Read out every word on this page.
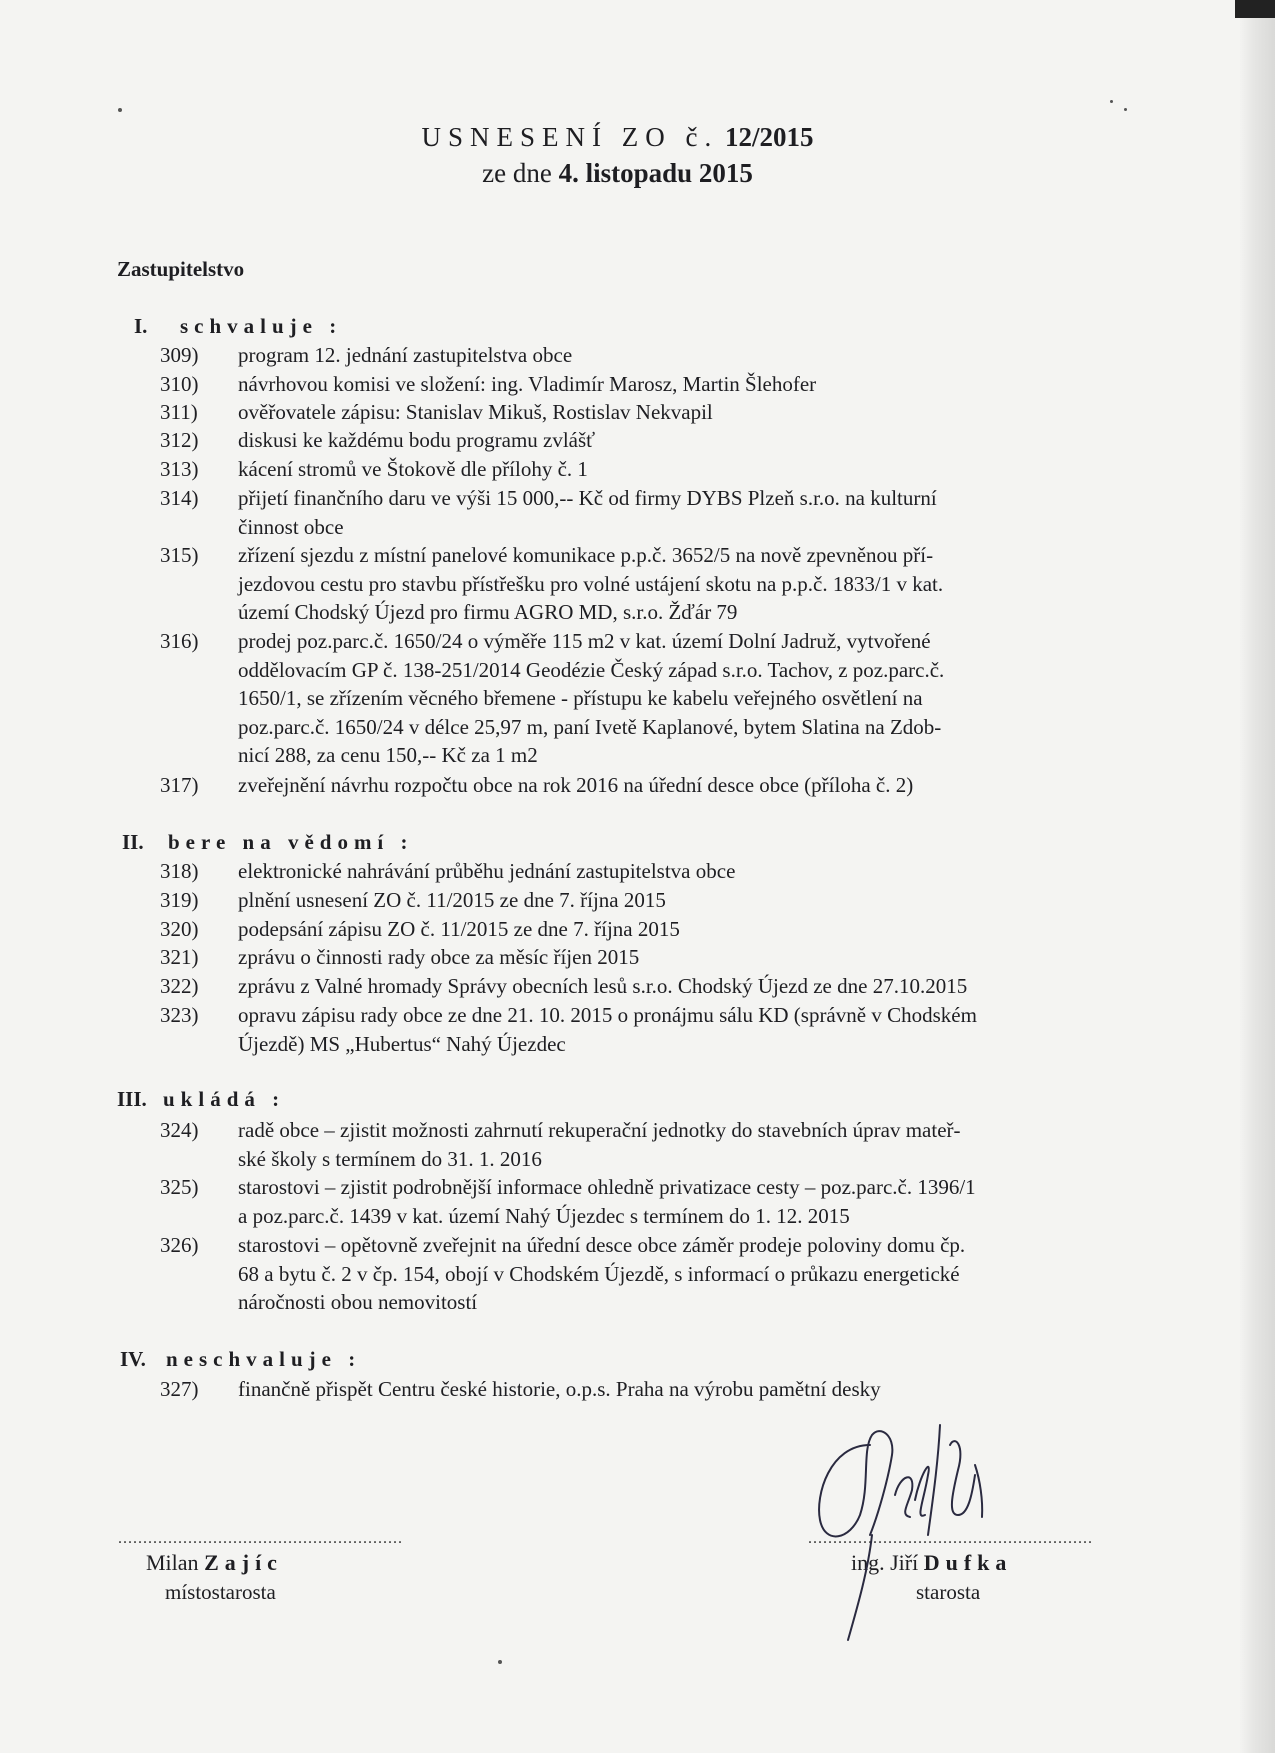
USNESENÍ ZO č. 12/2015
ze dne 4. listopadu 2015
Zastupitelstvo
I. schvaluje :
309)	program 12. jednání zastupitelstva obce
310)	návrhovou komisi ve složení: ing. Vladimír Marosz, Martin Šlehofer
311)	ověřovatele zápisu: Stanislav Mikuš, Rostislav Nekvapil
312)	diskusi ke každému bodu programu zvlášť
313)	kácení stromů ve Štokově dle přílohy č. 1
314)	přijetí finančního daru ve výši 15 000,-- Kč od firmy DYBS Plzeň s.r.o. na kulturní
činnost obce
315)	zřízení sjezdu z místní panelové komunikace p.p.č. 3652/5 na nově zpevněnou pří-
jezdovou cestu pro stavbu přístřešku pro volné ustájení skotu na p.p.č. 1833/1 v kat.
území Chodský Újezd pro firmu AGRO MD, s.r.o. Žďár 79
316)	prodej poz.parc.č. 1650/24 o výměře 115 m2 v kat. území Dolní Jadruž, vytvořené
oddělovacím GP č. 138-251/2014 Geodézie Český západ s.r.o. Tachov, z poz.parc.č.
1650/1, se zřízením věcného břemene - přístupu ke kabelu veřejného osvětlení na
poz.parc.č. 1650/24 v délce 25,97 m, paní Ivetě Kaplanové, bytem Slatina na Zdob-
nicí 288, za cenu 150,-- Kč za 1 m2
317)	zveřejnění návrhu rozpočtu obce na rok 2016 na úřední desce obce (příloha č. 2)
II. bere na vědomí :
318)	elektronické nahrávání průběhu jednání zastupitelstva obce
319)	plnění usnesení ZO č. 11/2015 ze dne 7. října 2015
320)	podepsání zápisu ZO č. 11/2015 ze dne 7. října 2015
321)	zprávu o činnosti rady obce za měsíc říjen 2015
322)	zprávu z Valné hromady Správy obecních lesů s.r.o. Chodský Újezd ze dne 27.10.2015
323)	opravu zápisu rady obce ze dne 21. 10. 2015 o pronájmu sálu KD (správně v Chodském
Újezdě) MS „Hubertus“ Nahý Újezdec
III. ukládá :
324)	radě obce – zjistit možnosti zahrnutí rekuperační jednotky do stavebních úprav mateř-
ské školy s termínem do 31. 1. 2016
325)	starostovi – zjistit podrobnější informace ohledně privatizace cesty – poz.parc.č. 1396/1
a poz.parc.č. 1439 v kat. území Nahý Újezdec s termínem do 1. 12. 2015
326)	starostovi – opětovně zveřejnit na úřední desce obce záměr prodeje poloviny domu čp.
68 a bytu č. 2 v čp. 154, obojí v Chodském Újezdě, s informací o průkazu energetické
náročnosti obou nemovitostí
IV. neschvaluje :
327)	finančně přispět Centru české historie, o.p.s. Praha na výrobu pamětní desky
.........................................................	.........................................................
Milan Zajíc
místostarosta
ing. Jiří Dufka
starosta
